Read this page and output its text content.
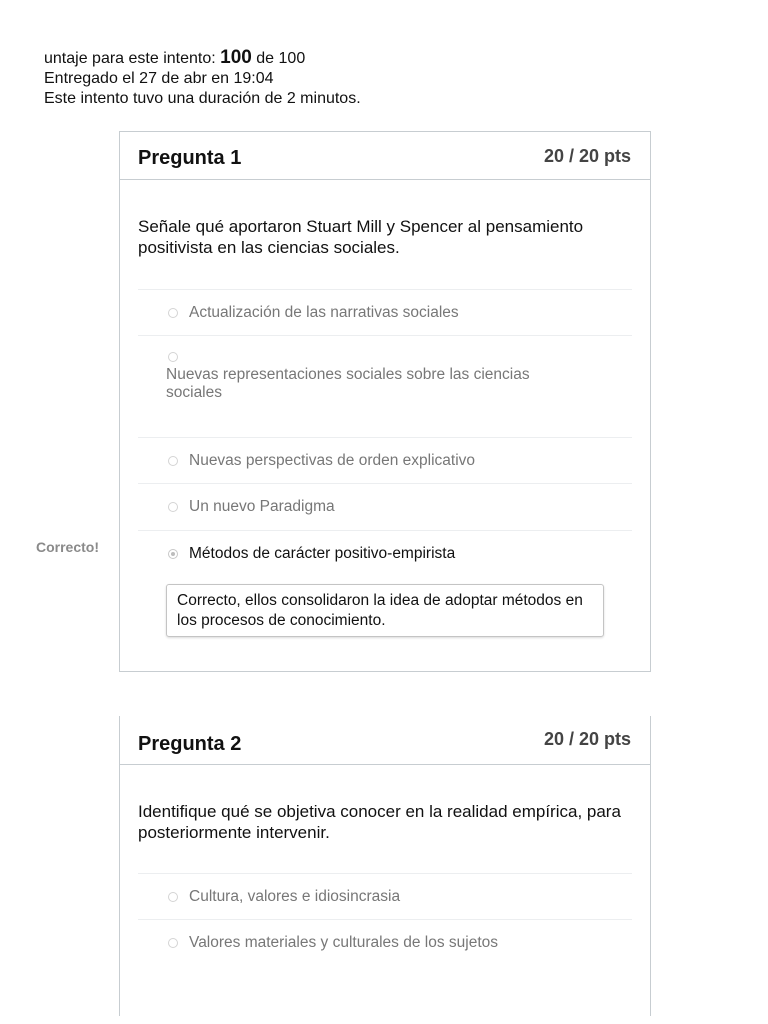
untaje para este intento: 100 de 100
Entregado el 27 de abr en 19:04
Este intento tuvo una duración de 2 minutos.
Pregunta 1	20 / 20 pts
Señale qué aportaron Stuart Mill y Spencer al pensamiento positivista en las ciencias sociales.
Actualización de las narrativas sociales
Nuevas representaciones sociales sobre las ciencias sociales
Nuevas perspectivas de orden explicativo
Un nuevo Paradigma
Métodos de carácter positivo-empirista
Correcto!
Correcto, ellos consolidaron la idea de adoptar métodos en los procesos de conocimiento.
Pregunta 2	20 / 20 pts
Identifique qué se objetiva conocer en la realidad empírica, para posteriormente intervenir.
Cultura, valores e idiosincrasia
Valores materiales y culturales de los sujetos
